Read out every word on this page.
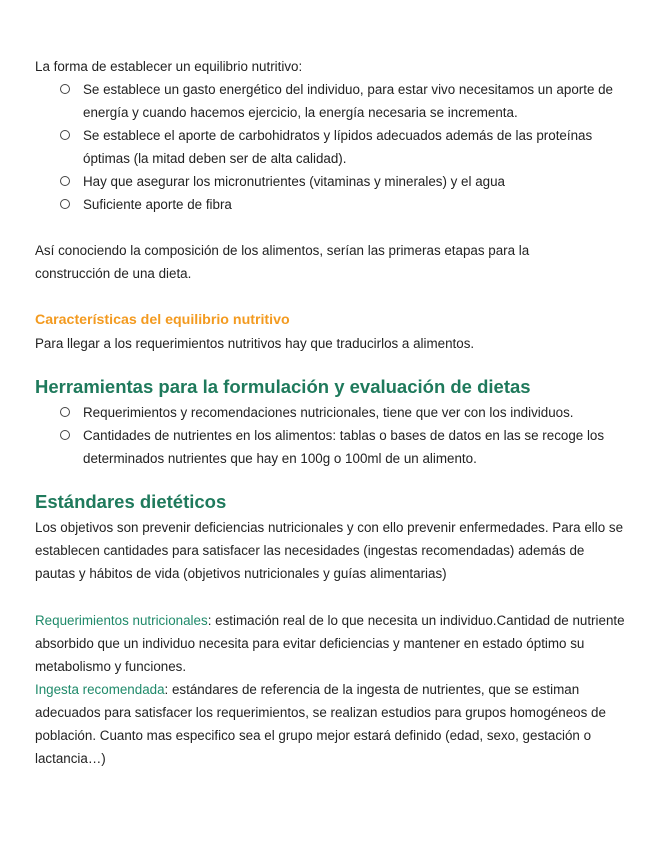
La forma de establecer un equilibrio nutritivo:

Se establece un gasto energético del individuo, para estar vivo necesitamos un aporte de energía y cuando hacemos ejercicio, la energía necesaria se incrementa.
Se establece el aporte de carbohidratos y lípidos adecuados además de las proteínas óptimas (la mitad deben ser de alta calidad).
Hay que asegurar los micronutrientes (vitaminas y minerales) y el agua
Suficiente aporte de fibra

Así conociendo la composición de los alimentos, serían las primeras etapas para la construcción de una dieta.

Características del equilibrio nutritivo

Para llegar a los requerimientos nutritivos hay que traducirlos a alimentos.

Herramientas para la formulación y evaluación de dietas
Requerimientos y recomendaciones nutricionales, tiene que ver con los individuos.
Cantidades de nutrientes en los alimentos: tablas o bases de datos en las se recoge los determinados nutrientes que hay en 100g o 100ml de un alimento.
Estándares dietéticos

Los objetivos son prevenir deficiencias nutricionales y con ello prevenir enfermedades. Para ello se establecen cantidades para satisfacer las necesidades (ingestas recomendadas) además de pautas y hábitos de vida (objetivos nutricionales y guías alimentarias)

Requerimientos nutricionales: estimación real de lo que necesita un individuo.Cantidad de nutriente absorbido que un individuo necesita para evitar deficiencias y mantener en estado óptimo su metabolismo y funciones.

Ingesta recomendada: estándares de referencia de la ingesta de nutrientes, que se estiman adecuados para satisfacer los requerimientos, se realizan estudios para grupos homogéneos de población. Cuanto mas especifico sea el grupo mejor estará definido (edad, sexo, gestación o lactancia…)
